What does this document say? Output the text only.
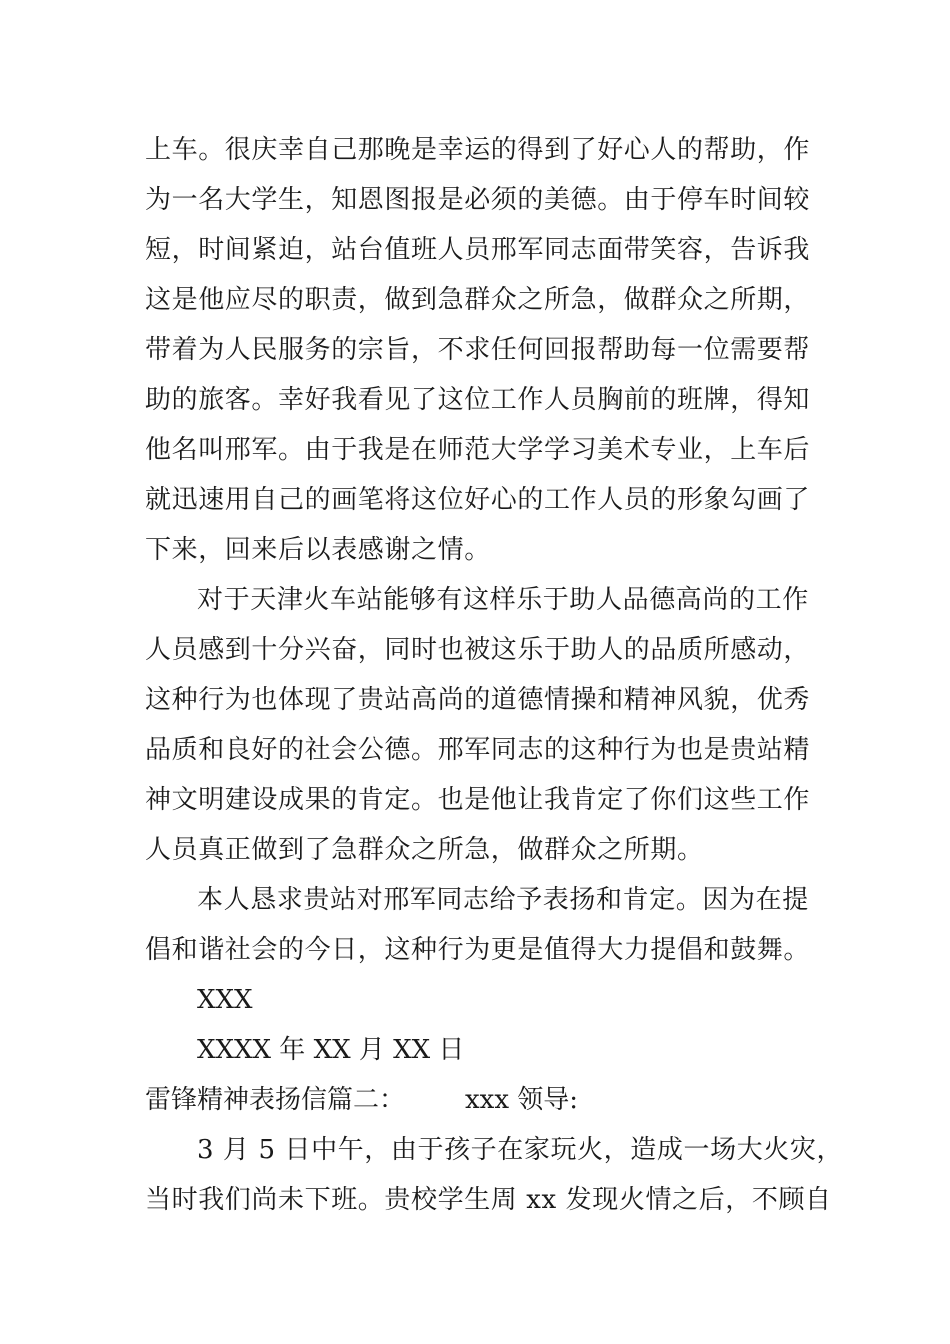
上车。很庆幸自己那晚是幸运的得到了好心人的帮助，作
为一名大学生，知恩图报是必须的美德。由于停车时间较
短，时间紧迫，站台值班人员邢军同志面带笑容，告诉我
这是他应尽的职责，做到急群众之所急，做群众之所期，
带着为人民服务的宗旨，不求任何回报帮助每一位需要帮
助的旅客。幸好我看见了这位工作人员胸前的班牌，得知
他名叫邢军。由于我是在师范大学学习美术专业，上车后
就迅速用自己的画笔将这位好心的工作人员的形象勾画了
下来，回来后以表感谢之情。
对于天津火车站能够有这样乐于助人品德高尚的工作
人员感到十分兴奋，同时也被这乐于助人的品质所感动，
这种行为也体现了贵站高尚的道德情操和精神风貌，优秀
品质和良好的社会公德。邢军同志的这种行为也是贵站精
神文明建设成果的肯定。也是他让我肯定了你们这些工作
人员真正做到了急群众之所急，做群众之所期。
本人恳求贵站对邢军同志给予表扬和肯定。因为在提
倡和谐社会的今日，这种行为更是值得大力提倡和鼓舞。
XXX
XXXX 年 XX 月 XX 日
雷锋精神表扬信篇二： xxx 领导:
3 月 5 日中午，由于孩子在家玩火，造成一场大火灾，
当时我们尚未下班。贵校学生周 xx 发现火情之后，不顾自
